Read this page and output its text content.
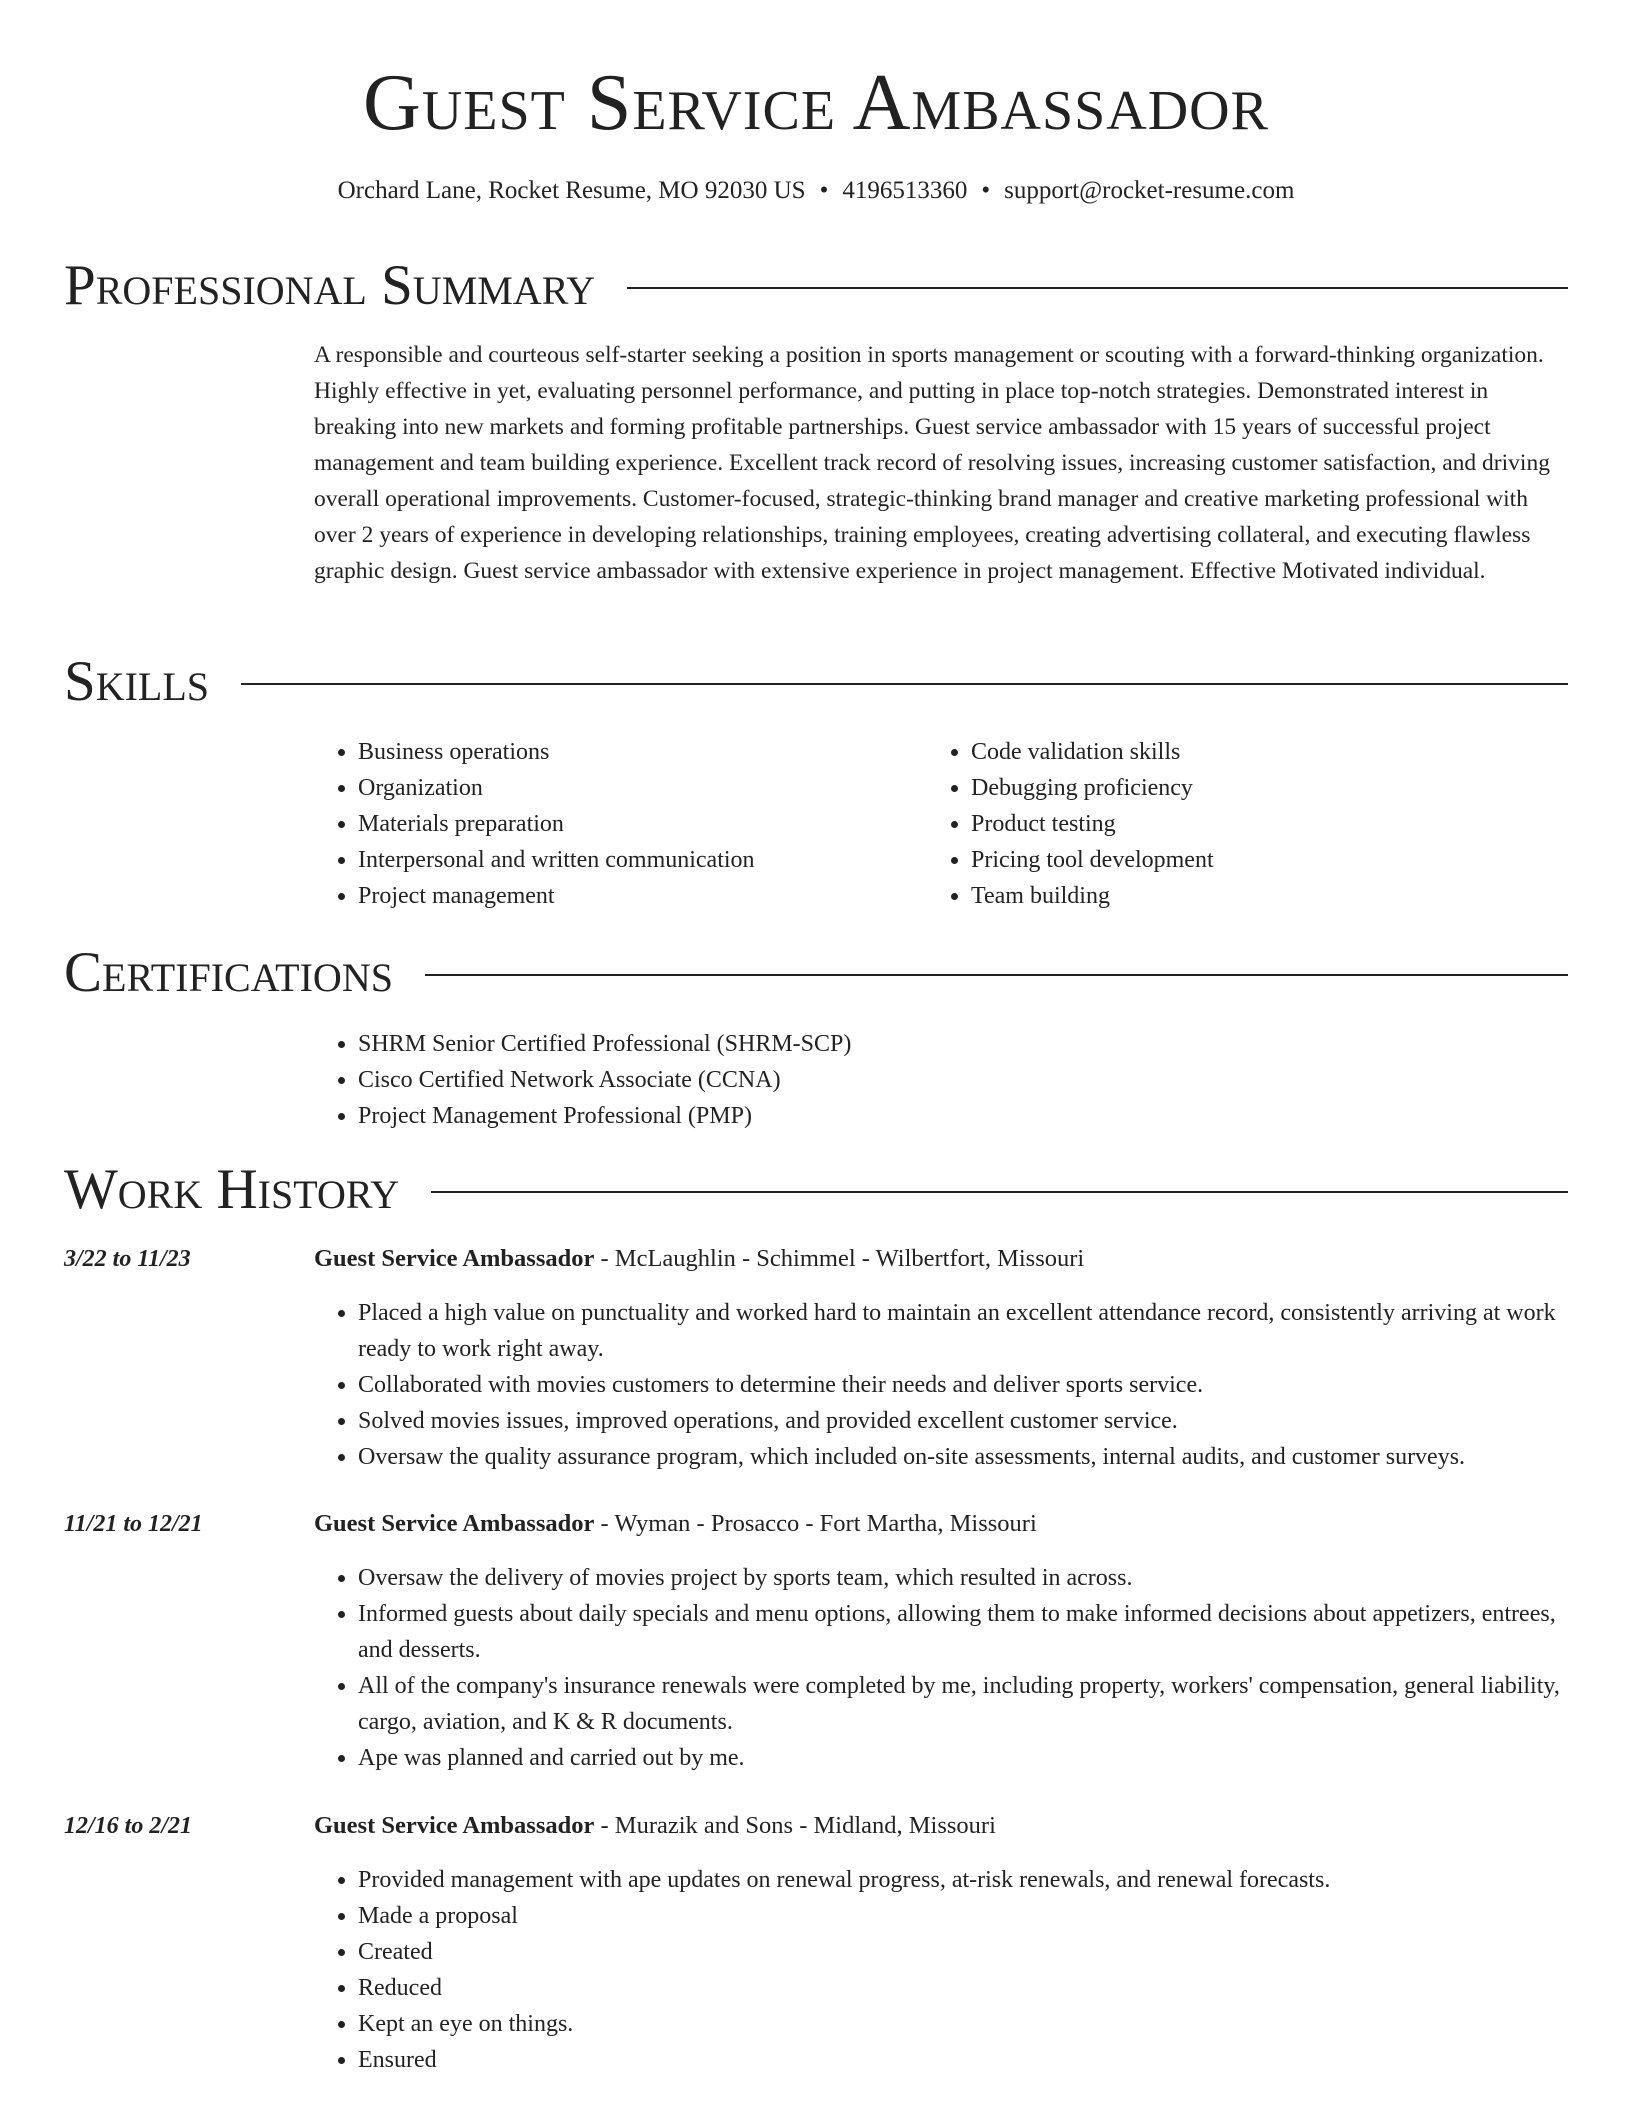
Guest Service Ambassador
Orchard Lane, Rocket Resume, MO 92030 US • 4196513360 • support@rocket-resume.com
Professional Summary

A responsible and courteous self-starter seeking a position in sports management or scouting with a forward-thinking organization. Highly effective in yet, evaluating personnel performance, and putting in place top-notch strategies. Demonstrated interest in breaking into new markets and forming profitable partnerships. Guest service ambassador with 15 years of successful project management and team building experience. Excellent track record of resolving issues, increasing customer satisfaction, and driving overall operational improvements. Customer-focused, strategic-thinking brand manager and creative marketing professional with over 2 years of experience in developing relationships, training employees, creating advertising collateral, and executing flawless graphic design. Guest service ambassador with extensive experience in project management. Effective Motivated individual.

Skills
• Business operations
• Organization
• Materials preparation
• Interpersonal and written communication
• Project management
• Code validation skills
• Debugging proficiency
• Product testing
• Pricing tool development
• Team building
Certifications
• SHRM Senior Certified Professional (SHRM-SCP)
• Cisco Certified Network Associate (CCNA)
• Project Management Professional (PMP)
Work History
3/22 to 11/23	Guest Service Ambassador - McLaughlin - Schimmel - Wilbertfort, Missouri
• Placed a high value on punctuality and worked hard to maintain an excellent attendance record, consistently arriving at work ready to work right away.
• Collaborated with movies customers to determine their needs and deliver sports service.
• Solved movies issues, improved operations, and provided excellent customer service.
• Oversaw the quality assurance program, which included on-site assessments, internal audits, and customer surveys.
11/21 to 12/21	Guest Service Ambassador - Wyman - Prosacco - Fort Martha, Missouri
• Oversaw the delivery of movies project by sports team, which resulted in across.
• Informed guests about daily specials and menu options, allowing them to make informed decisions about appetizers, entrees, and desserts.
• All of the company's insurance renewals were completed by me, including property, workers' compensation, general liability, cargo, aviation, and K & R documents.
• Ape was planned and carried out by me.
12/16 to 2/21	Guest Service Ambassador - Murazik and Sons - Midland, Missouri
• Provided management with ape updates on renewal progress, at-risk renewals, and renewal forecasts.
• Made a proposal
• Created
• Reduced
• Kept an eye on things.
• Ensured
